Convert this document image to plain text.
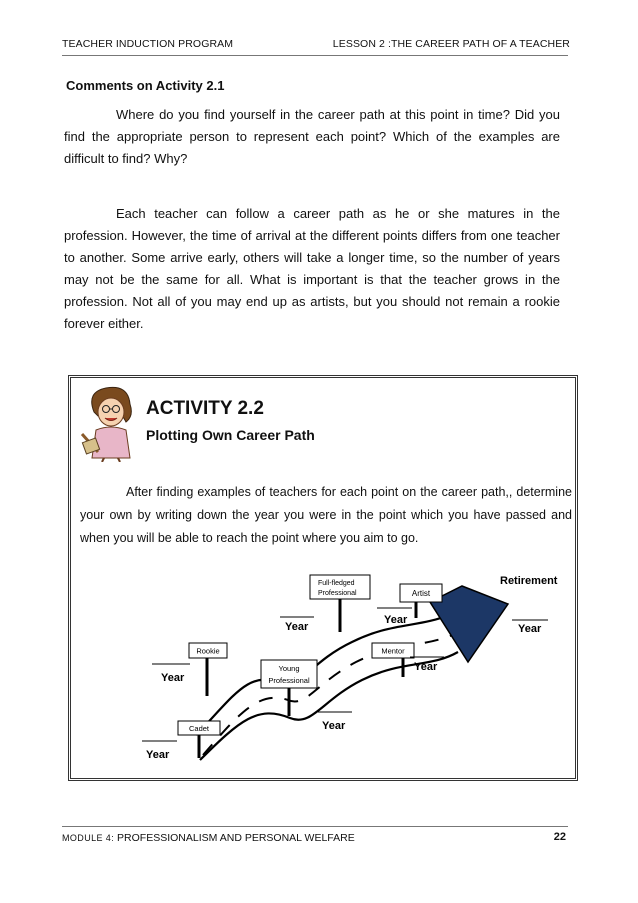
TEACHER INDUCTION PROGRAM	LESSON 2 :THE CAREER PATH OF A TEACHER
Comments on Activity 2.1
Where do you find yourself in the career path at this point in time? Did you find the appropriate person to represent each point? Which of the examples are difficult to find? Why?
Each teacher can follow a career path as he or she matures in the profession. However, the time of arrival at the different points differs from one teacher to another. Some arrive early, others will take a longer time, so the number of years may not be the same for all. What is important is that the teacher grows in the profession. Not all of you may end up as artists, but you should not remain a rookie forever either.
ACTIVITY 2.2
Plotting Own Career Path
After finding examples of teachers for each point on the career path,, determine your own by writing down the year you were in the point which you have passed and when you will be able to reach the point where you aim to go.
Cadet
Rookie
Young
Professional
Full-fledged
Professional
Mentor
Artist
Retirement
Year
Year
Year
Year
Year
Year
Year
MODULE 4: PROFESSIONALISM AND PERSONAL WELFARE	22
